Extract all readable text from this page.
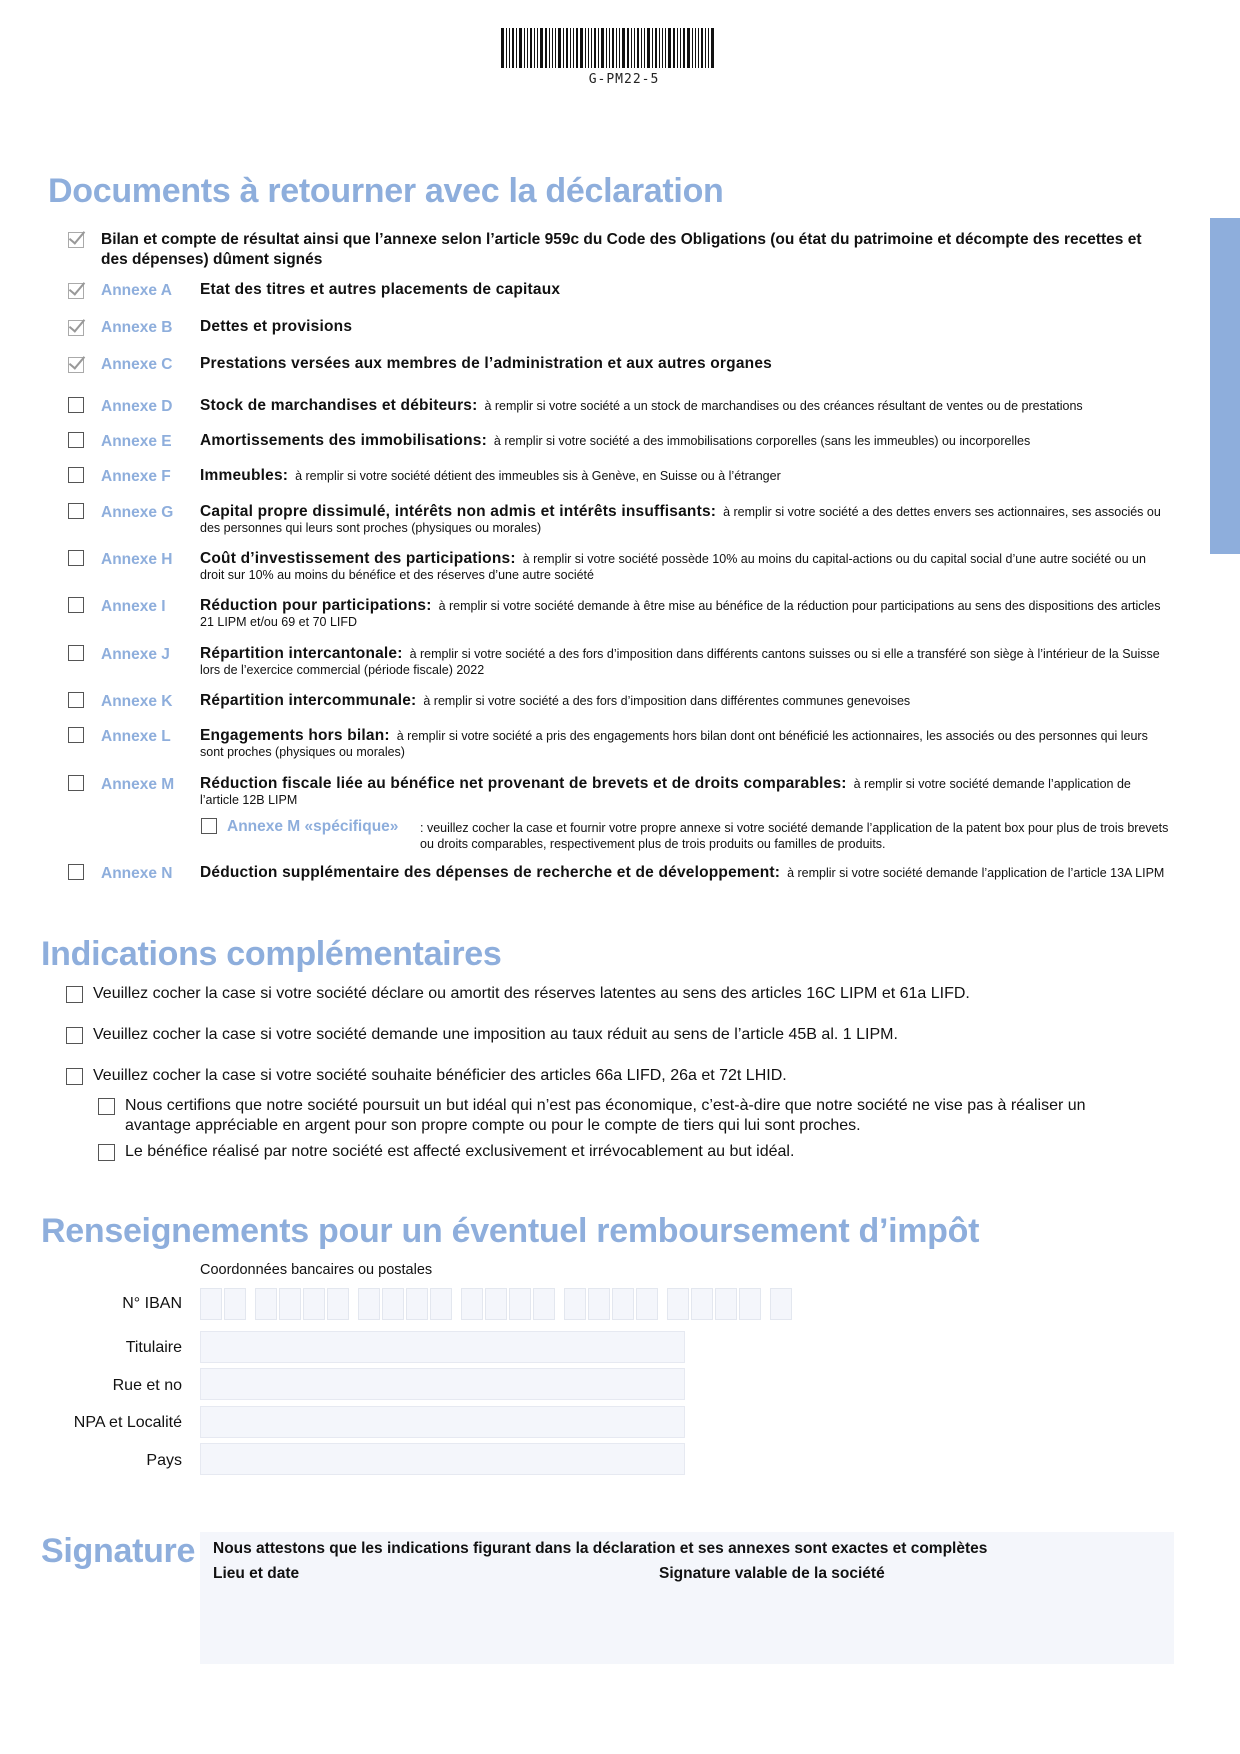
G-PM22-5
Documents à retourner avec la déclaration
Bilan et compte de résultat ainsi que l’annexe selon l’article 959c du Code des Obligations (ou état du patrimoine et décompte des recettes et des dépenses) dûment signés
Annexe A Etat des titres et autres placements de capitaux
Annexe B Dettes et provisions
Annexe C Prestations versées aux membres de l’administration et aux autres organes
Annexe D Stock de marchandises et débiteurs: à remplir si votre société a un stock de marchandises ou des créances résultant de ventes ou de prestations
Annexe E Amortissements des immobilisations: à remplir si votre société a des immobilisations corporelles (sans les immeubles) ou incorporelles
Annexe F Immeubles: à remplir si votre société détient des immeubles sis à Genève, en Suisse ou à l’étranger
Annexe G Capital propre dissimulé, intérêts non admis et intérêts insuffisants: à remplir si votre société a des dettes envers ses actionnaires, ses associés ou des personnes qui leurs sont proches (physiques ou morales)
Annexe H Coût d’investissement des participations: à remplir si votre société possède 10% au moins du capital-actions ou du capital social d’une autre société ou un droit sur 10% au moins du bénéfice et des réserves d’une autre société
Annexe I Réduction pour participations: à remplir si votre société demande à être mise au bénéfice de la réduction pour participations au sens des dispositions des articles 21 LIPM et/ou 69 et 70 LIFD
Annexe J Répartition intercantonale: à remplir si votre société a des fors d’imposition dans différents cantons suisses ou si elle a transféré son siège à l’intérieur de la Suisse lors de l’exercice commercial (période fiscale) 2022
Annexe K Répartition intercommunale: à remplir si votre société a des fors d’imposition dans différentes communes genevoises
Annexe L Engagements hors bilan: à remplir si votre société a pris des engagements hors bilan dont ont bénéficié les actionnaires, les associés ou des personnes qui leurs sont proches (physiques ou morales)
Annexe M Réduction fiscale liée au bénéfice net provenant de brevets et de droits comparables: à remplir si votre société demande l’application de l’article 12B LIPM
Annexe M «spécifique» : veuillez cocher la case et fournir votre propre annexe si votre société demande l’application de la patent box pour plus de trois brevets ou droits comparables, respectivement plus de trois produits ou familles de produits.
Annexe N Déduction supplémentaire des dépenses de recherche et de développement: à remplir si votre société demande l’application de l’article 13A LIPM
Indications complémentaires
Veuillez cocher la case si votre société déclare ou amortit des réserves latentes au sens des articles 16C LIPM et 61a LIFD.
Veuillez cocher la case si votre société demande une imposition au taux réduit au sens de l’article 45B al. 1 LIPM.
Veuillez cocher la case si votre société souhaite bénéficier des articles 66a LIFD, 26a et 72t LHID.
Nous certifions que notre société poursuit un but idéal qui n’est pas économique, c’est-à-dire que notre société ne vise pas à réaliser un avantage appréciable en argent pour son propre compte ou pour le compte de tiers qui lui sont proches.
Le bénéfice réalisé par notre société est affecté exclusivement et irrévocablement au but idéal.
Renseignements pour un éventuel remboursement d’impôt
Coordonnées bancaires ou postales
N° IBAN
Titulaire
Rue et no
NPA et Localité
Pays
Signature Nous attestons que les indications figurant dans la déclaration et ses annexes sont exactes et complètes
Lieu et date	Signature valable de la société
